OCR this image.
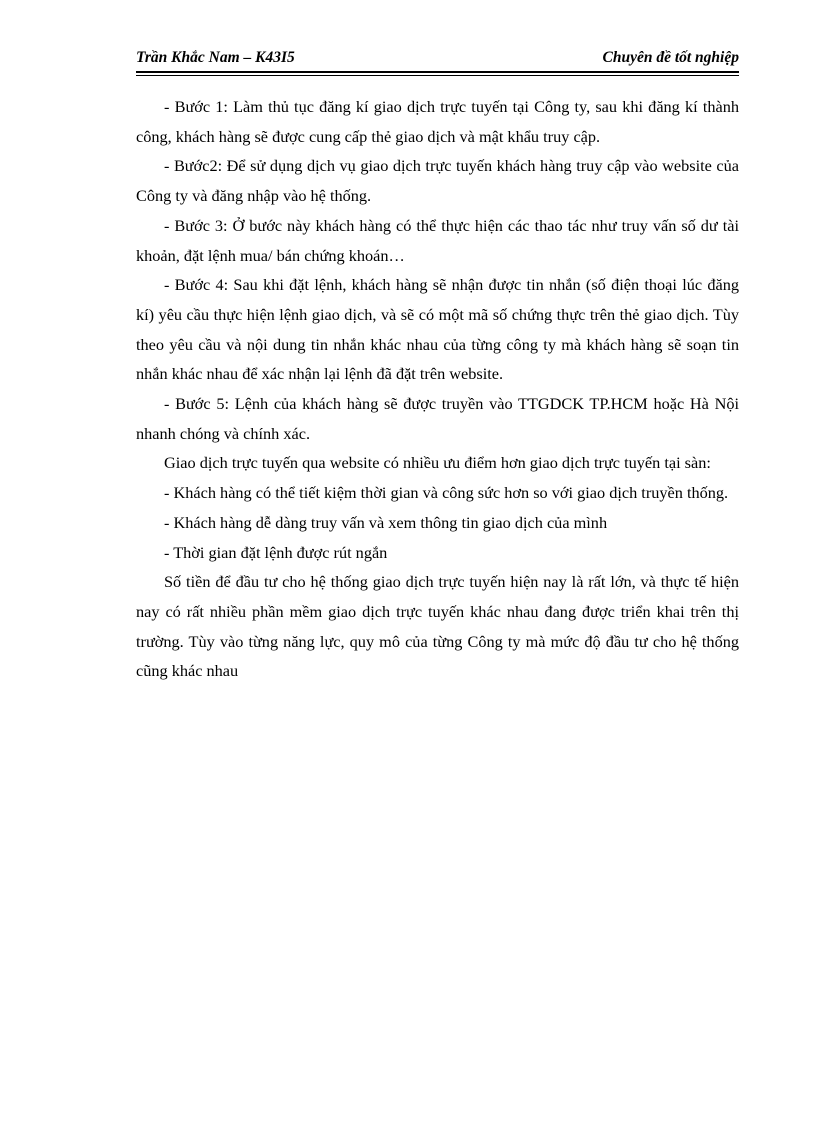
Trần Khắc Nam – K43I5	Chuyên đề tốt nghiệp

- Bước 1: Làm thủ tục đăng kí giao dịch trực tuyến tại Công ty, sau khi đăng kí thành công, khách hàng sẽ được cung cấp thẻ giao dịch và mật khẩu truy cập.

- Bước2: Để sử dụng dịch vụ giao dịch trực tuyến khách hàng truy cập vào website của Công ty và đăng nhập vào hệ thống.

- Bước 3: Ở bước này khách hàng có thể thực hiện các thao tác như truy vấn số dư tài khoản, đặt lệnh mua/ bán chứng khoán…

- Bước 4: Sau khi đặt lệnh, khách hàng sẽ nhận được tin nhắn (số điện thoại lúc đăng kí) yêu cầu thực hiện lệnh giao dịch, và sẽ có một mã số chứng thực trên thẻ giao dịch. Tùy theo yêu cầu và nội dung tin nhắn khác nhau của từng công ty mà khách hàng sẽ soạn tin nhắn khác nhau để xác nhận lại lệnh đã đặt trên website.

- Bước 5: Lệnh của khách hàng sẽ được truyền vào TTGDCK TP.HCM hoặc Hà Nội nhanh chóng và chính xác.

Giao dịch trực tuyến qua website có nhiều ưu điểm hơn giao dịch trực tuyến tại sàn:

- Khách hàng có thể tiết kiệm thời gian và công sức hơn so với giao dịch truyền thống.

- Khách hàng dễ dàng truy vấn và xem thông tin giao dịch của mình

- Thời gian đặt lệnh được rút ngắn

Số tiền để đầu tư cho hệ thống giao dịch trực tuyến hiện nay là rất lớn, và thực tế hiện nay có rất nhiều phần mềm giao dịch trực tuyến khác nhau đang được triển khai trên thị trường. Tùy vào từng năng lực, quy mô của từng Công ty mà mức độ đầu tư cho hệ thống cũng khác nhau
